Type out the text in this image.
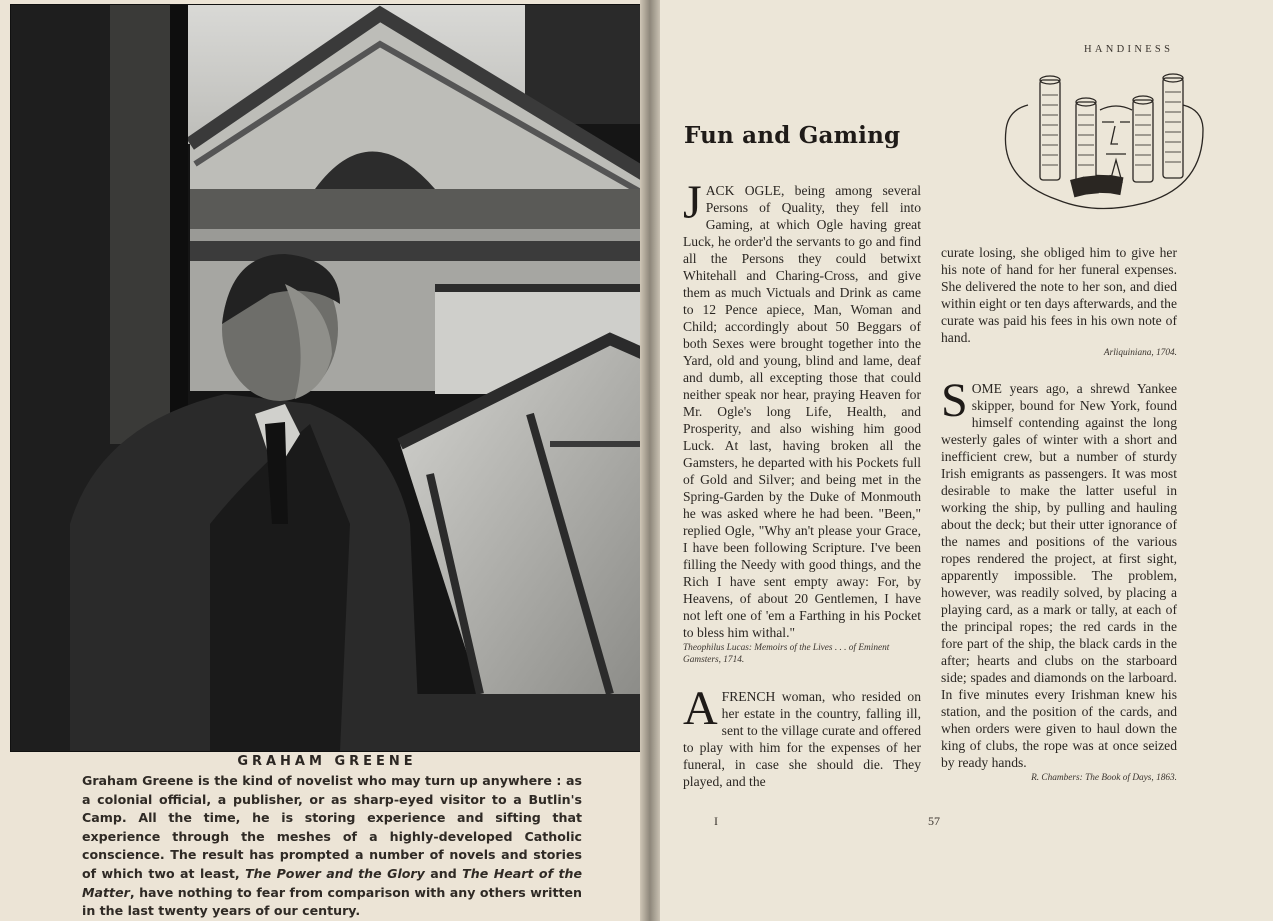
GRAHAM GREENE
Graham Greene is the kind of novelist who may turn up anywhere : as a colonial official, a publisher, or as sharp-eyed visitor to a Butlin's Camp. All the time, he is storing experience and sifting that experience through the meshes of a highly-developed Catholic conscience. The result has prompted a number of novels and stories of which two at least, The Power and the Glory and The Heart of the Matter, have nothing to fear from comparison with any others written in the last twenty years of our century.
HANDINESS
Fun and Gaming

JACK OGLE, being among several Persons of Quality, they fell into Gaming, at which Ogle having great Luck, he order'd the servants to go and find all the Persons they could betwixt Whitehall and Charing-Cross, and give them as much Victuals and Drink as came to 12 Pence apiece, Man, Woman and Child; accordingly about 50 Beggars of both Sexes were brought together into the Yard, old and young, blind and lame, deaf and dumb, all excepting those that could neither speak nor hear, praying Heaven for Mr. Ogle's long Life, Health, and Prosperity, and also wishing him good Luck. At last, having broken all the Gamsters, he departed with his Pockets full of Gold and Silver; and being met in the Spring-Garden by the Duke of Monmouth he was asked where he had been. "Been," replied Ogle, "Why an't please your Grace, I have been following Scripture. I've been filling the Needy with good things, and the Rich I have sent empty away: For, by Heavens, of about 20 Gentlemen, I have not left one of 'em a Farthing in his Pocket to bless him withal."

Theophilus Lucas: Memoirs of the Lives . . . of Eminent Gamsters, 1714.

AFRENCH woman, who resided on her estate in the country, falling ill, sent to the village curate and offered to play with him for the expenses of her funeral, in case she should die. They played, and the

curate losing, she obliged him to give her his note of hand for her funeral expenses. She delivered the note to her son, and died within eight or ten days afterwards, and the curate was paid his fees in his own note of hand.

Arliquiniana, 1704.

SOME years ago, a shrewd Yankee skipper, bound for New York, found himself contending against the long westerly gales of winter with a short and inefficient crew, but a number of sturdy Irish emigrants as passengers. It was most desirable to make the latter useful in working the ship, by pulling and hauling about the deck; but their utter ignorance of the names and positions of the various ropes rendered the project, at first sight, apparently impossible. The problem, however, was readily solved, by placing a playing card, as a mark or tally, at each of the principal ropes; the red cards in the fore part of the ship, the black cards in the after; hearts and clubs on the starboard side; spades and diamonds on the larboard. In five minutes every Irishman knew his station, and the position of the cards, and when orders were given to haul down the king of clubs, the rope was at once seized by ready hands.

R. Chambers: The Book of Days, 1863.

I	57
